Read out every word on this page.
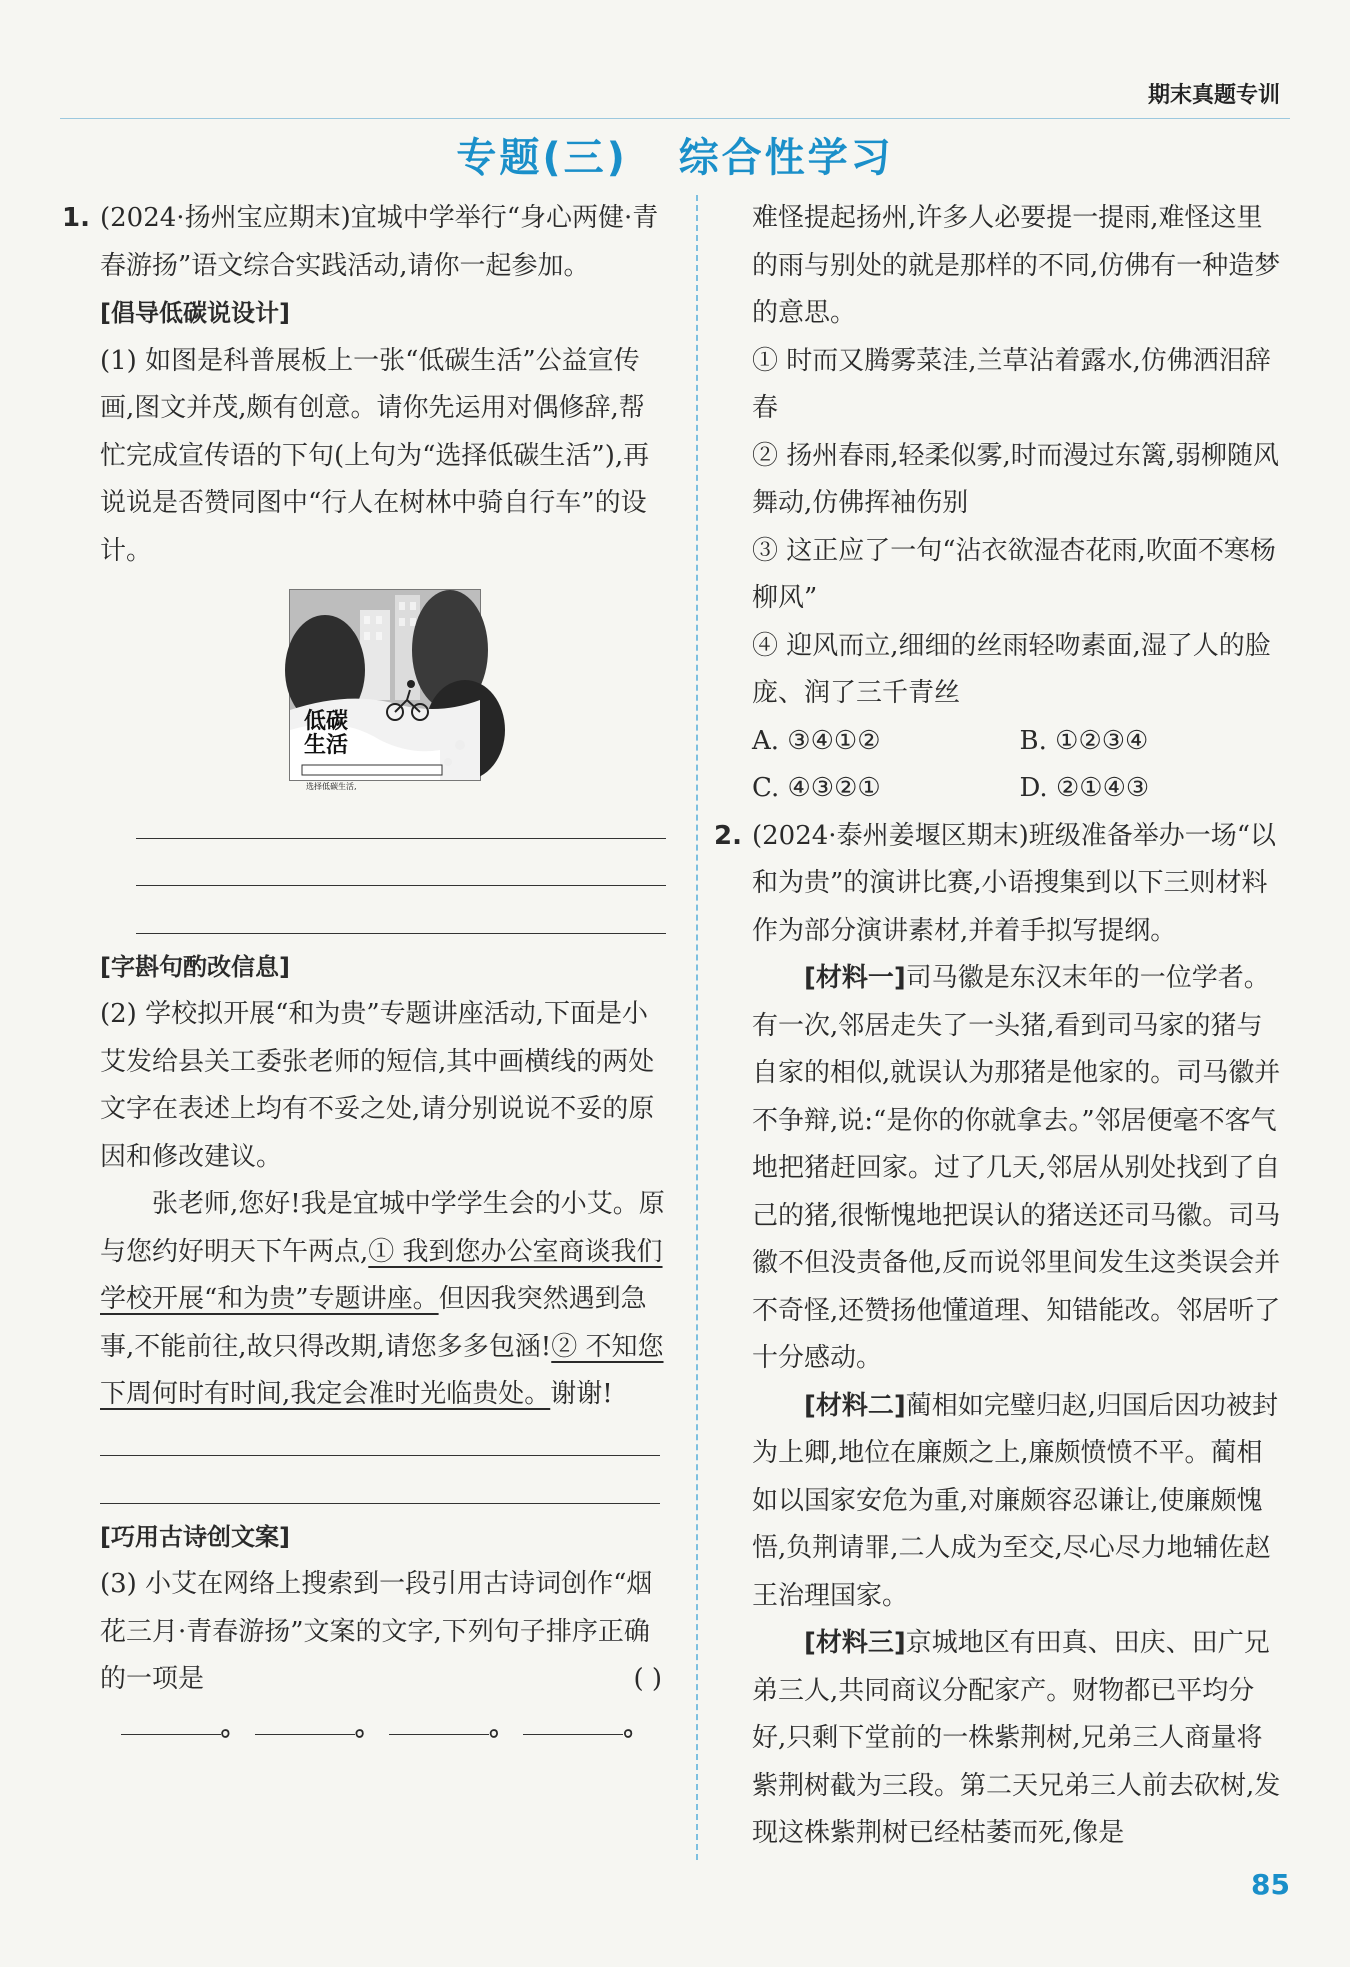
期末真题专训
专题(三)   综合性学习

1. (2024·扬州宝应期末)宜城中学举行“身心两健·青春游扬”语文综合实践活动,请你一起参加。

[倡导低碳说设计]

(1) 如图是科普展板上一张“低碳生活”公益宣传画,图文并茂,颇有创意。请你先运用对偶修辞,帮忙完成宣传语的下句(上句为“选择低碳生活”),再说说是否赞同图中“行人在树林中骑自行车”的设计。

低碳
生活
选择低碳生活,

[字斟句酌改信息]

(2) 学校拟开展“和为贵”专题讲座活动,下面是小艾发给县关工委张老师的短信,其中画横线的两处文字在表述上均有不妥之处,请分别说说不妥的原因和修改建议。

张老师,您好!我是宜城中学学生会的小艾。原与您约好明天下午两点,① 我到您办公室商谈我们学校开展“和为贵”专题讲座。但因我突然遇到急事,不能前往,故只得改期,请您多多包涵!② 不知您下周何时有时间,我定会准时光临贵处。谢谢!

[巧用古诗创文案]

(3) 小艾在网络上搜索到一段引用古诗词创作“烟花三月·青春游扬”文案的文字,下列句子排序正确的一项是	( )

。	。	。	。

难怪提起扬州,许多人必要提一提雨,难怪这里的雨与别处的就是那样的不同,仿佛有一种造梦的意思。

① 时而又腾雾菜洼,兰草沾着露水,仿佛洒泪辞春

② 扬州春雨,轻柔似雾,时而漫过东篱,弱柳随风舞动,仿佛挥袖伤别

③ 这正应了一句“沾衣欲湿杏花雨,吹面不寒杨柳风”

④ 迎风而立,细细的丝雨轻吻素面,湿了人的脸庞、润了三千青丝

A. ③④①②	B. ①②③④
C. ④③②①	D. ②①④③

2. (2024·泰州姜堰区期末)班级准备举办一场“以和为贵”的演讲比赛,小语搜集到以下三则材料作为部分演讲素材,并着手拟写提纲。

[材料一]司马徽是东汉末年的一位学者。有一次,邻居走失了一头猪,看到司马家的猪与自家的相似,就误认为那猪是他家的。司马徽并不争辩,说:“是你的你就拿去。”邻居便毫不客气地把猪赶回家。过了几天,邻居从别处找到了自己的猪,很惭愧地把误认的猪送还司马徽。司马徽不但没责备他,反而说邻里间发生这类误会并不奇怪,还赞扬他懂道理、知错能改。邻居听了十分感动。

[材料二]蔺相如完璧归赵,归国后因功被封为上卿,地位在廉颇之上,廉颇愤愤不平。蔺相如以国家安危为重,对廉颇容忍谦让,使廉颇愧悟,负荆请罪,二人成为至交,尽心尽力地辅佐赵王治理国家。

[材料三]京城地区有田真、田庆、田广兄弟三人,共同商议分配家产。财物都已平均分好,只剩下堂前的一株紫荆树,兄弟三人商量将紫荆树截为三段。第二天兄弟三人前去砍树,发现这株紫荆树已经枯萎而死,像是

85
